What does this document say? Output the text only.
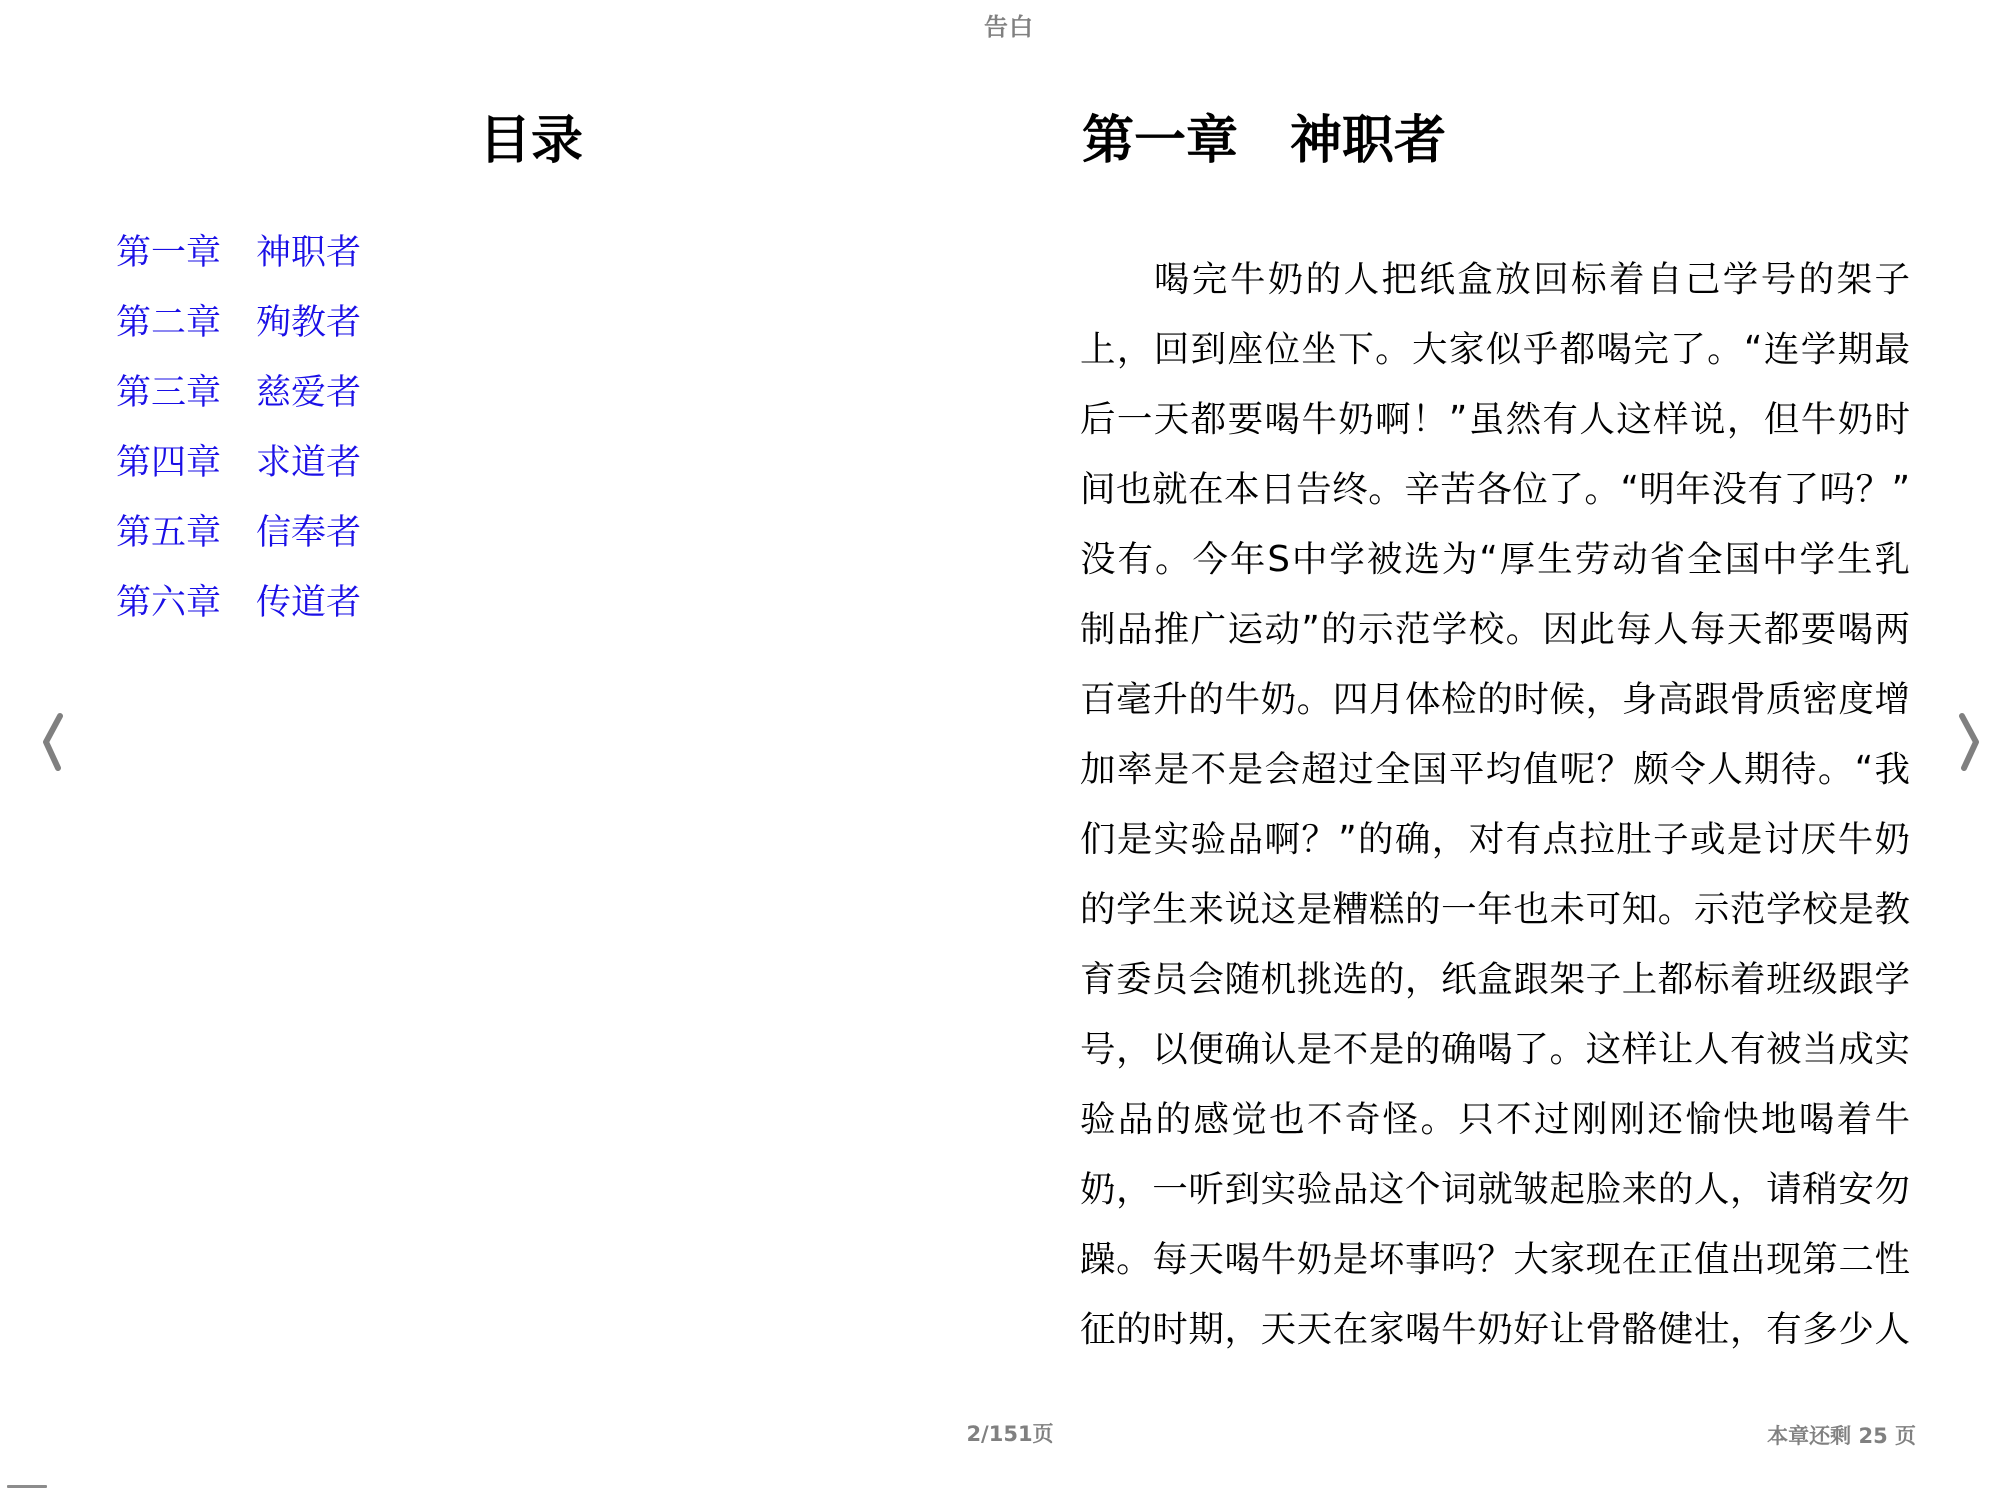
告白
目录
第一章　神职者
第二章　殉教者
第三章　慈爱者
第四章　求道者
第五章　信奉者
第六章　传道者
第一章　神职者
喝完牛奶的人把纸盒放回标着自己学号的架子
上，回到座位坐下。大家似乎都喝完了。“连学期最
后一天都要喝牛奶啊！”虽然有人这样说，但牛奶时
间也就在本日告终。辛苦各位了。“明年没有了吗？”
没有。今年S中学被选为“厚生劳动省全国中学生乳
制品推广运动”的示范学校。因此每人每天都要喝两
百毫升的牛奶。四月体检的时候，身高跟骨质密度增
加率是不是会超过全国平均值呢？颇令人期待。“我
们是实验品啊？”的确，对有点拉肚子或是讨厌牛奶
的学生来说这是糟糕的一年也未可知。示范学校是教
育委员会随机挑选的，纸盒跟架子上都标着班级跟学
号，以便确认是不是的确喝了。这样让人有被当成实
验品的感觉也不奇怪。只不过刚刚还愉快地喝着牛
奶，一听到实验品这个词就皱起脸来的人，请稍安勿
躁。每天喝牛奶是坏事吗？大家现在正值出现第二性
征的时期，天天在家喝牛奶好让骨骼健壮，有多少人
2/151页	本章还剩 25 页
